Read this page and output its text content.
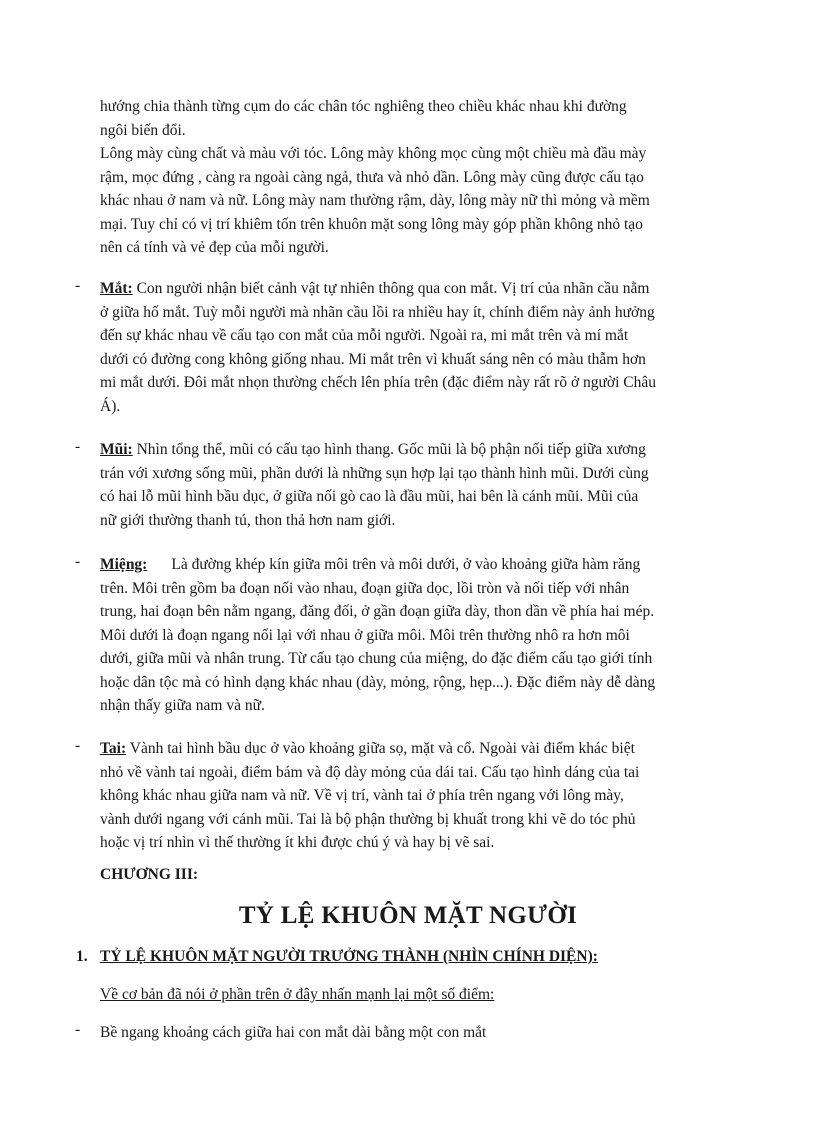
hướng chia thành từng cụm do các chân tóc nghiêng theo chiều khác nhau khi đường
ngôi biến đổi.
Lông mày cùng chất và màu với tóc. Lông mày không mọc cùng một chiều mà đầu mày
rậm, mọc đứng , càng ra ngoài càng ngả, thưa và nhỏ dần. Lông mày cũng được cấu tạo
khác nhau ở nam và nữ. Lông mày nam thường rậm, dày, lông mày nữ thì mỏng và mềm
mại. Tuy chỉ có vị trí khiêm tốn trên khuôn mặt song lông mày góp phần không nhỏ tạo
nên cá tính và vẻ đẹp của mỗi người.
- Mắt: Con người nhận biết cảnh vật tự nhiên thông qua con mắt. Vị trí của nhãn cầu nằm
ở giữa hố mắt. Tuỳ mỗi người mà nhãn cầu lồi ra nhiều hay ít, chính điểm này ảnh hưởng
đến sự khác nhau về cấu tạo con mắt của mỗi người. Ngoài ra, mi mắt trên và mí mắt
dưới có đường cong không giống nhau. Mi mắt trên vì khuất sáng nên có màu thẫm hơn
mi mắt dưới. Đôi mắt nhọn thường chếch lên phía trên (đặc điểm này rất rõ ở người Châu
Á).
- Mũi: Nhìn tổng thể, mũi có cấu tạo hình thang. Gốc mũi là bộ phận nối tiếp giữa xương
trán với xương sống mũi, phần dưới là những sụn hợp lại tạo thành hình mũi. Dưới cùng
có hai lỗ mũi hình bầu dục, ở giữa nối gò cao là đầu mũi, hai bên là cánh mũi. Mũi của
nữ giới thường thanh tú, thon thả hơn nam giới.
- Miệng: Là đường khép kín giữa môi trên và môi dưới, ở vào khoảng giữa hàm răng
trên. Môi trên gồm ba đoạn nối vào nhau, đoạn giữa dọc, lồi tròn và nối tiếp với nhân
trung, hai đoạn bên nằm ngang, đăng đối, ở gần đoạn giữa dày, thon dần về phía hai mép.
Môi dưới là đoạn ngang nối lại với nhau ở giữa môi. Môi trên thường nhô ra hơn môi
dưới, giữa mũi và nhân trung. Từ cấu tạo chung của miệng, do đặc điểm cấu tạo giới tính
hoặc dân tộc mà có hình dạng khác nhau (dày, mỏng, rộng, hẹp...). Đặc điểm này dễ dàng
nhận thấy giữa nam và nữ.
- Tai: Vành tai hình bầu dục ở vào khoảng giữa sọ, mặt và cổ. Ngoài vài điểm khác biệt
nhỏ về vành tai ngoài, điểm bám và độ dày mỏng của dái tai. Cấu tạo hình dáng của tai
không khác nhau giữa nam và nữ. Về vị trí, vành tai ở phía trên ngang với lông mày,
vành dưới ngang với cánh mũi. Tai là bộ phận thường bị khuất trong khi vẽ do tóc phủ
hoặc vị trí nhìn vì thế thường ít khi được chú ý và hay bị vẽ sai.
CHƯƠNG III:
TỶ LỆ KHUÔN MẶT NGƯỜI
1. TỶ LỆ KHUÔN MẶT NGƯỜI TRƯỞNG THÀNH (NHÌN CHÍNH DIỆN):
Về cơ bản đã nói ở phần trên ở đây nhấn mạnh lại một số điểm:
- Bề ngang khoảng cách giữa hai con mắt dài bằng một con mắt
